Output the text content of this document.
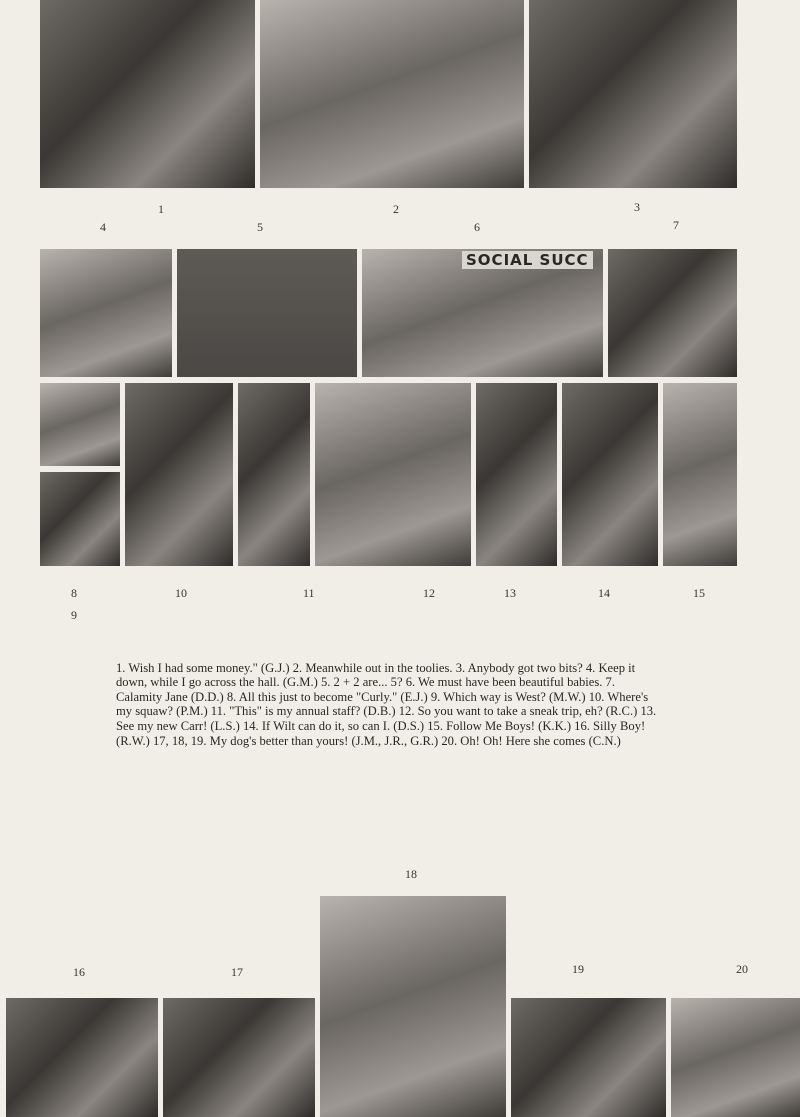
SOCIAL SUCC
1	2	3
4	5	6	7
8
9
10	11	12	13	14	15
16	17
18
19	20

1. Wish I had some money." (G.J.) 2. Meanwhile out in the toolies. 3. Anybody got two bits? 4. Keep it down, while I go across the hall. (G.M.) 5. 2 + 2 are... 5? 6. We must have been beautiful babies. 7. Calamity Jane (D.D.) 8. All this just to become "Curly." (E.J.) 9. Which way is West? (M.W.) 10. Where's my squaw? (P.M.) 11. "This" is my annual staff? (D.B.) 12. So you want to take a sneak trip, eh? (R.C.) 13. See my new Carr! (L.S.) 14. If Wilt can do it, so can I. (D.S.) 15. Follow Me Boys! (K.K.) 16. Silly Boy! (R.W.) 17, 18, 19. My dog's better than yours! (J.M., J.R., G.R.) 20. Oh! Oh! Here she comes (C.N.)
